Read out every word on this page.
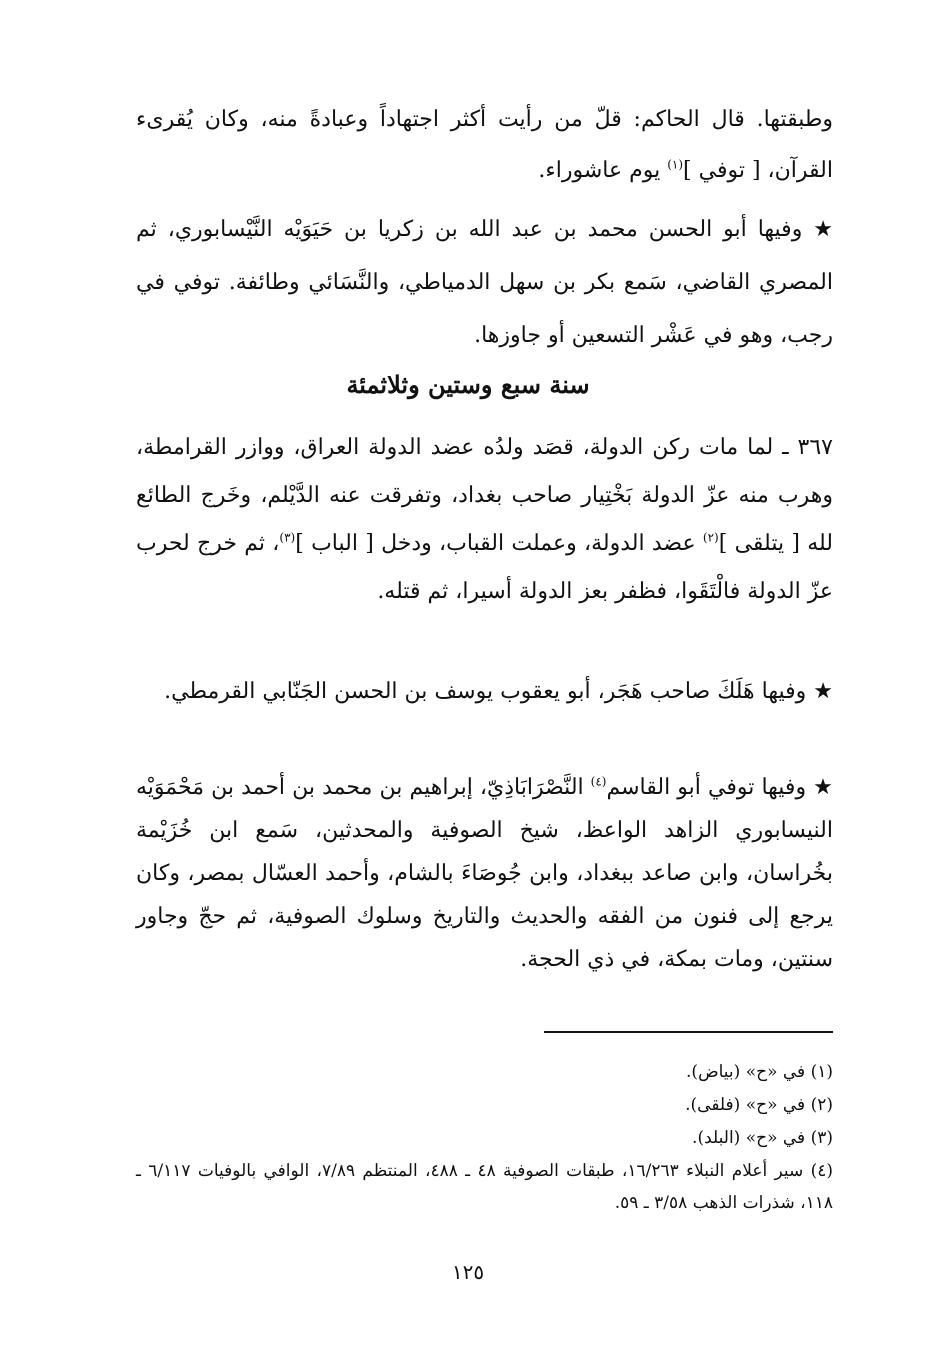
وطبقتها. قال الحاكم: قلّ من رأيت أكثر اجتهاداً وعبادةً منه، وكان يُقرىء القرآن، [ توفي ]$^{(١)}$ يوم عاشوراء.

★ وفيها أبو الحسن محمد بن عبد الله بن زكريا بن حَيَوَيْه النَّيْسابوري، ثم المصري القاضي، سَمع بكر بن سهل الدمياطي، والنَّسَائي وطائفة. توفي في رجب، وهو في عَشْر التسعين أو جاوزها.

سنة سبع وستين وثلاثمئة

٣٦٧ ـ لما مات ركن الدولة، قصَد ولدُه عضد الدولة العراق، ووازر القرامطة، وهرب منه عزّ الدولة بَخْتِيار صاحب بغداد، وتفرقت عنه الدَّيْلم، وخَرج الطائع لله [ يتلقى ]$^{(٢)}$ عضد الدولة، وعملت القباب، ودخل [ الباب ]$^{(٣)}$، ثم خرج لحرب عزّ الدولة فالْتَقَوا، فظفر بعز الدولة أسيرا، ثم قتله.

★ وفيها هَلَكَ صاحب هَجَر، أبو يعقوب يوسف بن الحسن الجَنّابي القرمطي.

★ وفيها توفي أبو القاسم$^{(٤)}$ النَّصْرَابَاذِيّ، إبراهيم بن محمد بن أحمد بن مَحْمَوَيْه النيسابوري الزاهد الواعظ، شيخ الصوفية والمحدثين، سَمع ابن خُزَيْمة بخُراسان، وابن صاعد ببغداد، وابن جُوصَاءَ بالشام، وأحمد العسّال بمصر، وكان يرجع إلى فنون من الفقه والحديث والتاريخ وسلوك الصوفية، ثم حجّ وجاور سنتين، ومات بمكة، في ذي الحجة.

(١) في «ح» (بياض).

(٢) في «ح» (فلقى).

(٣) في «ح» (البلد).

(٤) سير أعلام النبلاء ١٦/٢٦٣، طبقات الصوفية ٤٨ ـ ٤٨٨، المنتظم ٧/٨٩، الوافي بالوفيات ٦/١١٧ ـ ١١٨، شذرات الذهب ٣/٥٨ ـ ٥٩.

١٢٥
